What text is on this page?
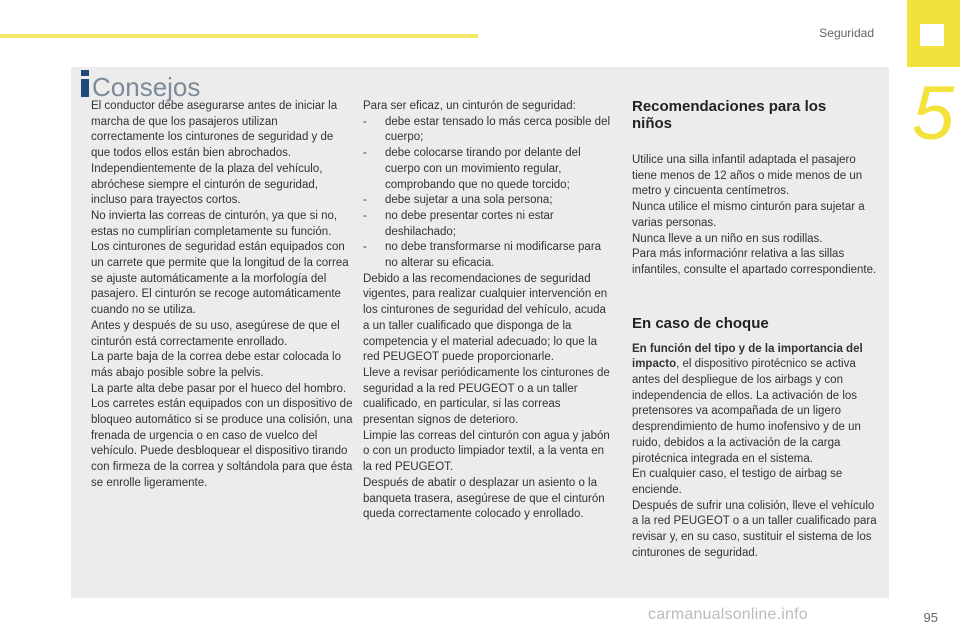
Seguridad
5
Consejos

El conductor debe asegurarse antes de iniciar la marcha de que los pasajeros utilizan correctamente los cinturones de seguridad y de que todos ellos están bien abrochados.

Independientemente de la plaza del vehículo, abróchese siempre el cinturón de seguridad, incluso para trayectos cortos.

No invierta las correas de cinturón, ya que si no, estas no cumplirían completamente su función.

Los cinturones de seguridad están equipados con un carrete que permite que la longitud de la correa se ajuste automáticamente a la morfología del pasajero. El cinturón se recoge automáticamente cuando no se utiliza.

Antes y después de su uso, asegúrese de que el cinturón está correctamente enrollado.

La parte baja de la correa debe estar colocada lo más abajo posible sobre la pelvis.

La parte alta debe pasar por el hueco del hombro.

Los carretes están equipados con un dispositivo de bloqueo automático si se produce una colisión, una frenada de urgencia o en caso de vuelco del vehículo. Puede desbloquear el dispositivo tirando con firmeza de la correa y soltándola para que ésta se enrolle ligeramente.

Para ser eficaz, un cinturón de seguridad:

-	debe estar tensado lo más cerca posible del cuerpo;
-	debe colocarse tirando por delante del cuerpo con un movimiento regular, comprobando que no quede torcido;
-	debe sujetar a una sola persona;
-	no debe presentar cortes ni estar deshilachado;
-	no debe transformarse ni modificarse para no alterar su eficacia.

Debido a las recomendaciones de seguridad vigentes, para realizar cualquier intervención en los cinturones de seguridad del vehículo, acuda a un taller cualificado que disponga de la competencia y el material adecuado; lo que la red PEUGEOT puede proporcionarle.

Lleve a revisar periódicamente los cinturones de seguridad a la red PEUGEOT o a un taller cualificado, en particular, si las correas presentan signos de deterioro.

Limpie las correas del cinturón con agua y jabón o con un producto limpiador textil, a la venta en la red PEUGEOT.

Después de abatir o desplazar un asiento o la banqueta trasera, asegúrese de que el cinturón queda correctamente colocado y enrollado.

Recomendaciones para los niños

Utilice una silla infantil adaptada el pasajero tiene menos de 12 años o mide menos de un metro y cincuenta centímetros.

Nunca utilice el mismo cinturón para sujetar a varias personas.

Nunca lleve a un niño en sus rodillas.

Para más informaciónr relativa a las sillas infantiles, consulte el apartado correspondiente.

En caso de choque

En función del tipo y de la importancia del impacto, el dispositivo pirotécnico se activa antes del despliegue de los airbags y con independencia de ellos. La activación de los pretensores va acompañada de un ligero desprendimiento de humo inofensivo y de un ruido, debidos a la activación de la carga pirotécnica integrada en el sistema.

En cualquier caso, el testigo de airbag se enciende.

Después de sufrir una colisión, lleve el vehículo a la red PEUGEOT o a un taller cualificado para revisar y, en su caso, sustituir el sistema de los cinturones de seguridad.

carmanualsonline.info	95
